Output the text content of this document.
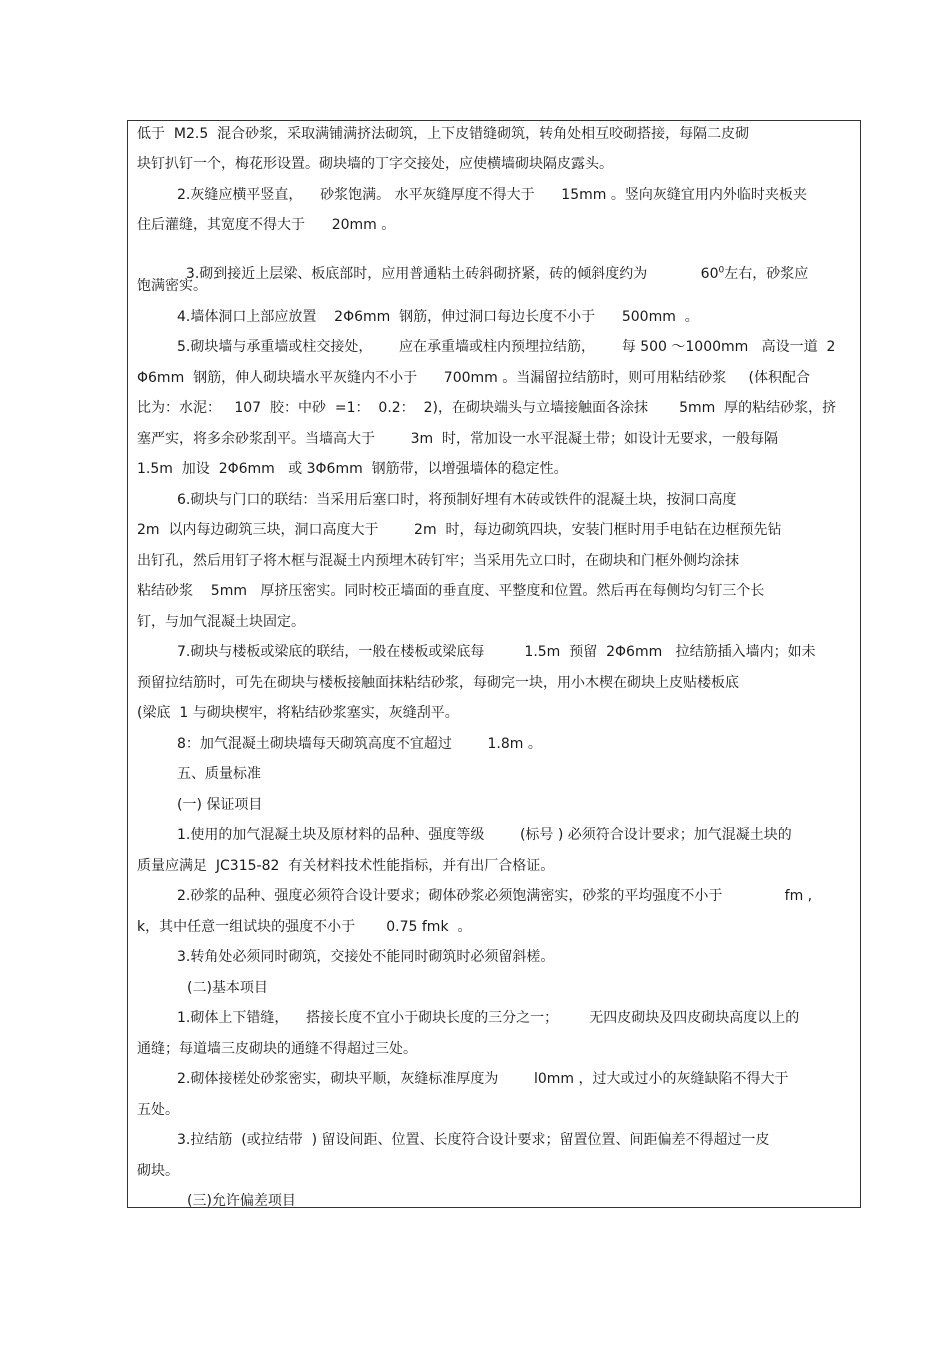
低于  M2.5  混合砂浆，采取满铺满挤法砌筑，上下皮错缝砌筑，转角处相互咬砌搭接，每隔二皮砌
块钉扒钉一个，梅花形设置。砌块墙的丁字交接处，应使横墙砌块隔皮露头。
2.灰缝应横平竖直，    砂浆饱满。 水平灰缝厚度不得大于      15mm 。竖向灰缝宜用内外临时夹板夹
住后灌缝，其宽度不得大于      20mm 。

3.砌到接近上层梁、板底部时，应用普通粘土砖斜砌挤紧，砖的倾斜度约为            $60^0$左右，砂浆应

饱满密实。
4.墙体洞口上部应放置    2Φ6mm  钢筋，伸过洞口每边长度不小于      500mm  。
5.砌块墙与承重墙或柱交接处，      应在承重墙或柱内预埋拉结筋，      每 500 ～1000mm   高设一道  2
Φ6mm  钢筋，伸人砌块墙水平灰缝内不小于      700mm 。当漏留拉结筋时，则可用粘结砂浆     (体积配合
比为：水泥：   107  胶：中砂  =1：  0.2：  2)，在砌块端头与立墙接触面各涂抹       5mm  厚的粘结砂浆，挤
塞严实，将多余砂浆刮平。当墙高大于        3m  时，常加设一水平混凝土带；如设计无要求，一般每隔
1.5m  加设  2Φ6mm   或 3Φ6mm  钢筋带，以增强墙体的稳定性。
6.砌块与门口的联结：当采用后塞口时，将预制好埋有木砖或铁件的混凝土块，按洞口高度
2m  以内每边砌筑三块，洞口高度大于        2m  时，每边砌筑四块，安装门框时用手电钻在边框预先钻
出钉孔，然后用钉子将木框与混凝土内预埋木砖钉牢；当采用先立口时，在砌块和门框外侧均涂抹
粘结砂浆    5mm   厚挤压密实。同时校正墙面的垂直度、平整度和位置。然后再在每侧均匀钉三个长
钉，与加气混凝土块固定。
7.砌块与楼板或梁底的联结，一般在楼板或梁底每         1.5m  预留  2Φ6mm   拉结筋插入墙内；如未
预留拉结筋时，可先在砌块与楼板接触面抹粘结砂浆，每砌完一块，用小木楔在砌块上皮贴楼板底
(梁底  1 与砌块楔牢，将粘结砂浆塞实，灰缝刮平。
8：加气混凝土砌块墙每天砌筑高度不宜超过        1.8m 。
五、质量标准
(一) 保证项目
1.使用的加气混凝土块及原材料的品种、强度等级        (标号 ) 必须符合设计要求；加气混凝土块的
质量应满足  JC315-82  有关材料技术性能指标，并有出厂合格证。
2.砂浆的品种、强度必须符合设计要求；砌体砂浆必须饱满密实，砂浆的平均强度不小于              fm ,
k，其中任意一组试块的强度不小于       0.75 fmk  。
3.转角处必须同时砌筑，交接处不能同时砌筑时必须留斜槎。
(二)基本项目
1.砌体上下错缝，    搭接长度不宜小于砌块长度的三分之一；       无四皮砌块及四皮砌块高度以上的
通缝；每道墙三皮砌块的通缝不得超过三处。
2.砌体接槎处砂浆密实，砌块平顺，灰缝标准厚度为        l0mm ，过大或过小的灰缝缺陷不得大于
五处。
3.拉结筋  (或拉结带  ) 留设间距、位置、长度符合设计要求；留置位置、间距偏差不得超过一皮
砌块。
(三)允许偏差项目
